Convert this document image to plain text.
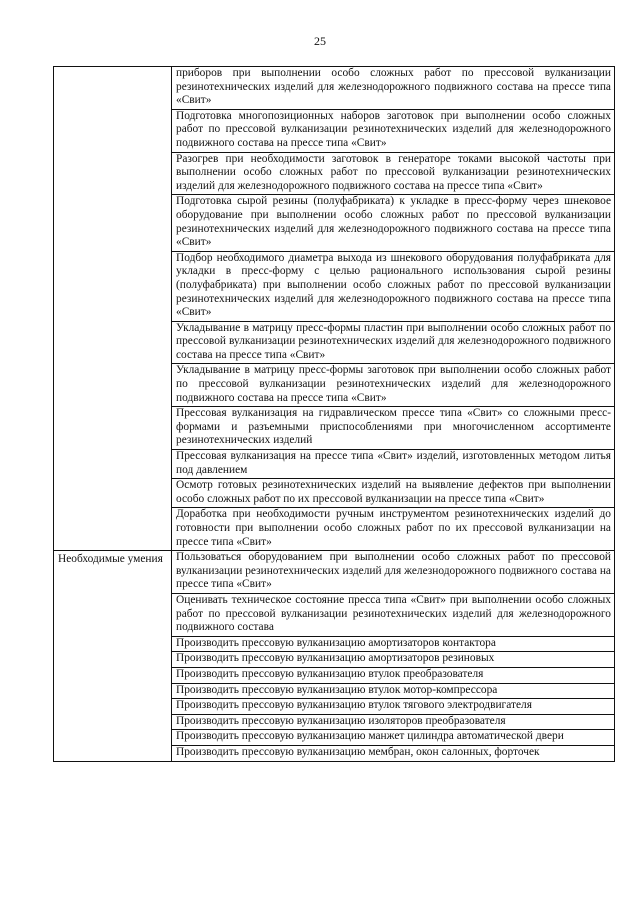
25
	приборов при выполнении особо сложных работ по прессовой вулканизации резинотехнических изделий для железнодорожного подвижного состава на прессе типа «Свит»
	Подготовка многопозиционных наборов заготовок при выполнении особо сложных работ по прессовой вулканизации резинотехнических изделий для железнодорожного подвижного состава на прессе типа «Свит»
	Разогрев при необходимости заготовок в генераторе токами высокой частоты при выполнении особо сложных работ по прессовой вулканизации резинотехнических изделий для железнодорожного подвижного состава на прессе типа «Свит»
	Подготовка сырой резины (полуфабриката) к укладке в пресс-форму через шнековое оборудование при выполнении особо сложных работ по прессовой вулканизации резинотехнических изделий для железнодорожного подвижного состава на прессе типа «Свит»
	Подбор необходимого диаметра выхода из шнекового оборудования полуфабриката для укладки в пресс-форму с целью рационального использования сырой резины (полуфабриката) при выполнении особо сложных работ по прессовой вулканизации резинотехнических изделий для железнодорожного подвижного состава на прессе типа «Свит»
	Укладывание в матрицу пресс-формы пластин при выполнении особо сложных работ по прессовой вулканизации резинотехнических изделий для железнодорожного подвижного состава на прессе типа «Свит»
	Укладывание в матрицу пресс-формы заготовок при выполнении особо сложных работ по прессовой вулканизации резинотехнических изделий для железнодорожного подвижного состава на прессе типа «Свит»
	Прессовая вулканизация на гидравлическом прессе типа «Свит» со сложными пресс-формами и разъемными приспособлениями при многочисленном ассортименте резинотехнических изделий
	Прессовая вулканизация на прессе типа «Свит» изделий, изготовленных методом литья под давлением
	Осмотр готовых резинотехнических изделий на выявление дефектов при выполнении особо сложных работ по их прессовой вулканизации на прессе типа «Свит»
	Доработка при необходимости ручным инструментом резинотехнических изделий до готовности при выполнении особо сложных работ по их прессовой вулканизации на прессе типа «Свит»

Необходимые умения	Пользоваться оборудованием при выполнении особо сложных работ по прессовой вулканизации резинотехнических изделий для железнодорожного подвижного состава на прессе типа «Свит»
	Оценивать техническое состояние пресса типа «Свит» при выполнении особо сложных работ по прессовой вулканизации резинотехнических изделий для железнодорожного подвижного состава
	Производить прессовую вулканизацию амортизаторов контактора
	Производить прессовую вулканизацию амортизаторов резиновых
	Производить прессовую вулканизацию втулок преобразователя
	Производить прессовую вулканизацию втулок мотор-компрессора
	Производить прессовую вулканизацию втулок тягового электродвигателя
	Производить прессовую вулканизацию изоляторов преобразователя
	Производить прессовую вулканизацию манжет цилиндра автоматической двери
	Производить прессовую вулканизацию мембран, окон салонных, форточек
